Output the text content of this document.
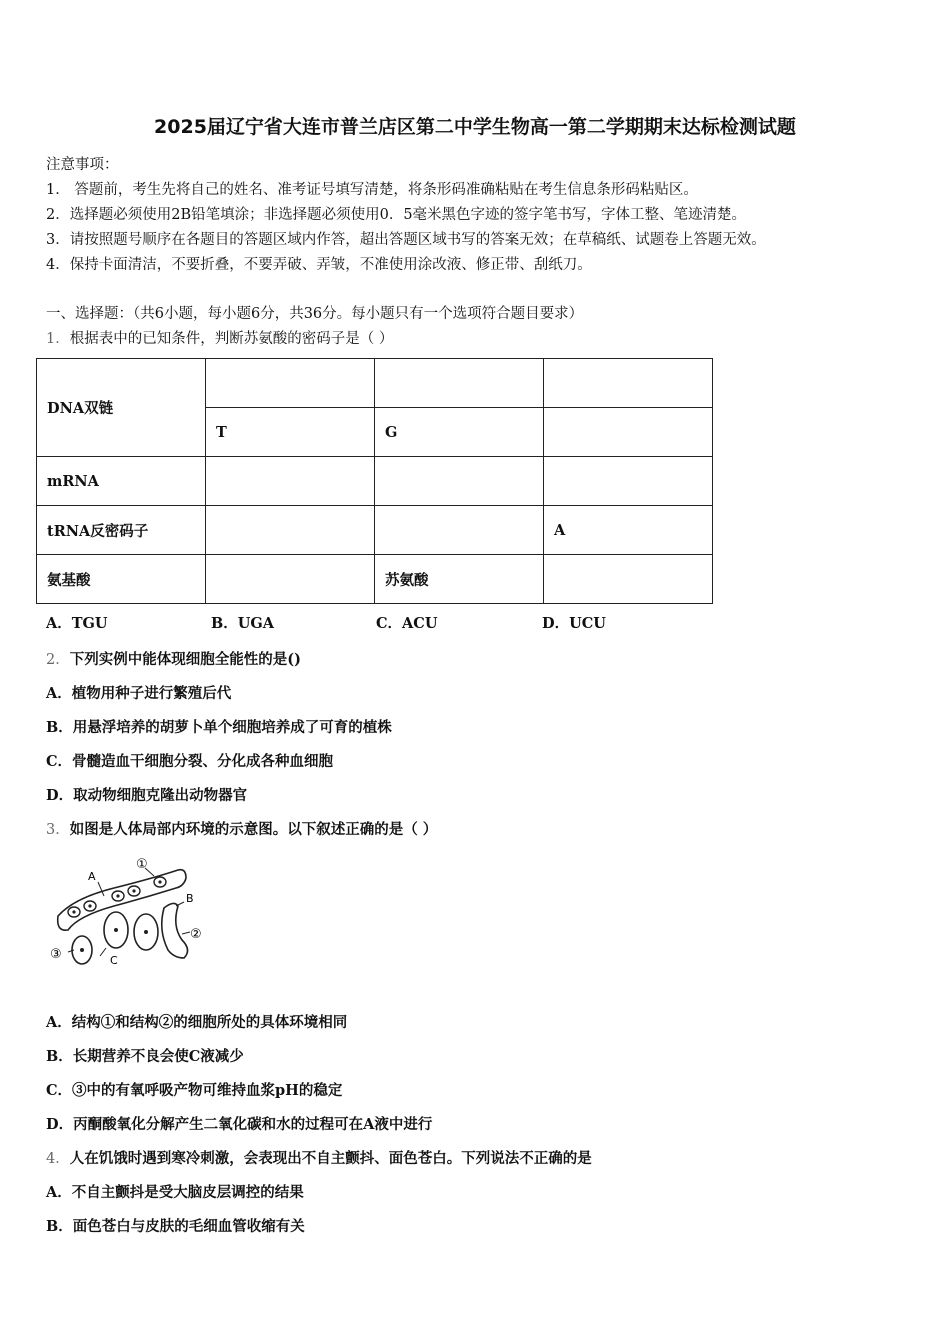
2025届辽宁省大连市普兰店区第二中学生物高一第二学期期末达标检测试题
注意事项：
1． 答题前，考生先将自己的姓名、准考证号填写清楚，将条形码准确粘贴在考生信息条形码粘贴区。
2．选择题必须使用2B铅笔填涂；非选择题必须使用0．5毫米黑色字迹的签字笔书写，字体工整、笔迹清楚。
3．请按照题号顺序在各题目的答题区域内作答，超出答题区域书写的答案无效；在草稿纸、试题卷上答题无效。
4．保持卡面清洁，不要折叠，不要弄破、弄皱，不准使用涂改液、修正带、刮纸刀。
一、选择题：（共6小题，每小题6分，共36分。每小题只有一个选项符合题目要求）
1．根据表中的已知条件，判断苏氨酸的密码子是（ ）
DNA双链			
	T	G	
mRNA			
tRNA反密码子			A
氨基酸		苏氨酸	
A．TGU	B．UGA	C．ACU	D．UCU
2．下列实例中能体现细胞全能性的是()
A．植物用种子进行繁殖后代
B．用悬浮培养的胡萝卜单个细胞培养成了可育的植株
C．骨髓造血干细胞分裂、分化成各种血细胞
D．取动物细胞克隆出动物器官
3．如图是人体局部内环境的示意图。以下叙述正确的是（ ）
A
B
C
①
②
③
A．结构①和结构②的细胞所处的具体环境相同
B．长期营养不良会使C液减少
C．③中的有氧呼吸产物可维持血浆pH的稳定
D．丙酮酸氧化分解产生二氧化碳和水的过程可在A液中进行
4．人在饥饿时遇到寒冷刺激，会表现出不自主颤抖、面色苍白。下列说法不正确的是
A．不自主颤抖是受大脑皮层调控的结果
B．面色苍白与皮肤的毛细血管收缩有关
